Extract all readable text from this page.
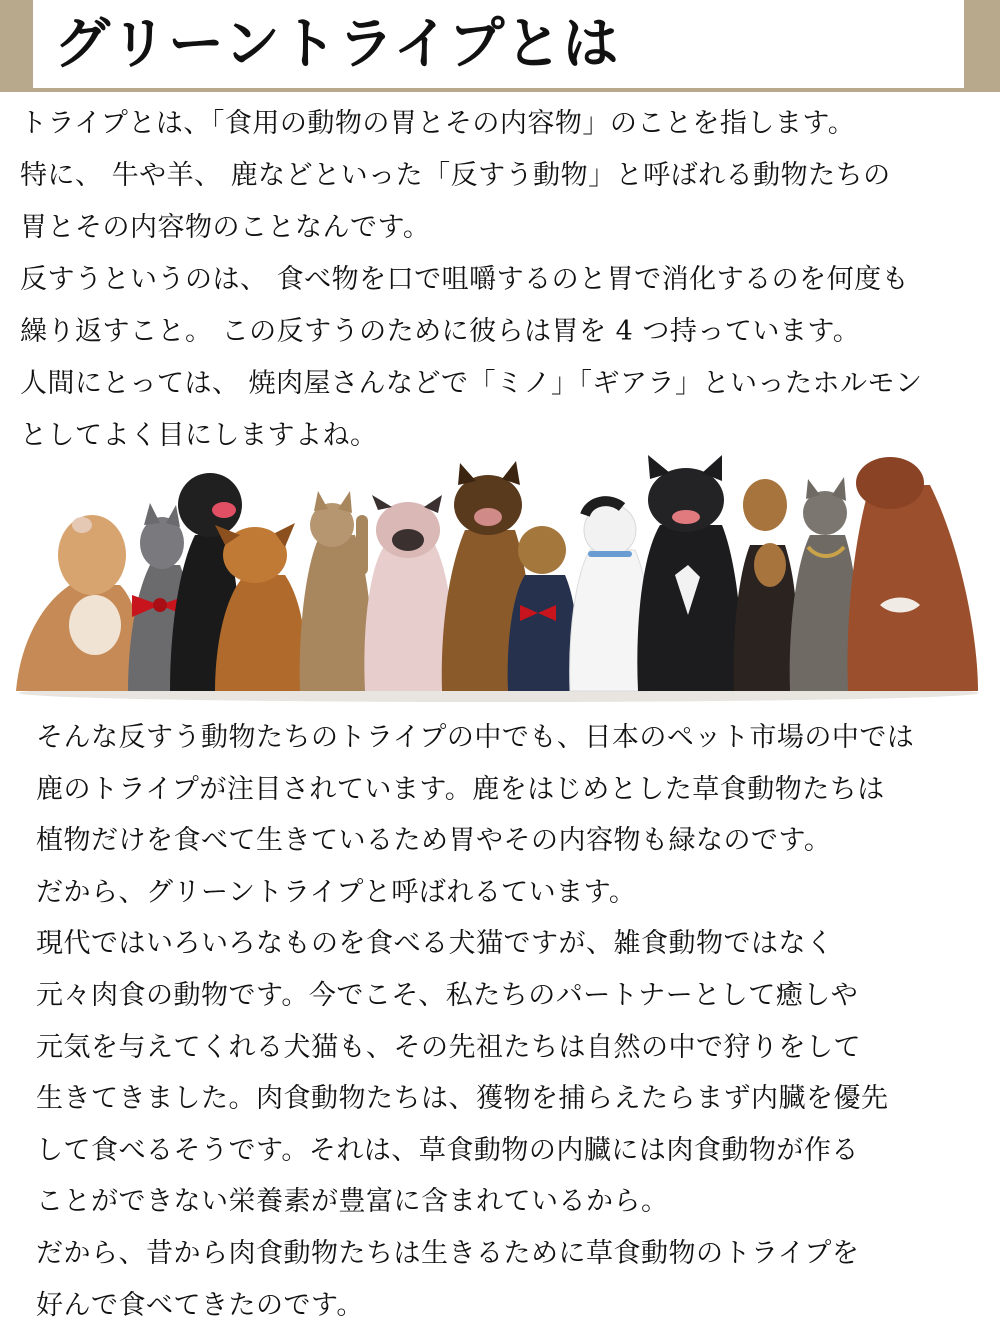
グリーントライプとは
トライプとは、「食用の動物の胃とその内容物」のことを指します。
特に、 牛や羊、 鹿などといった「反すう動物」と呼ばれる動物たちの
胃とその内容物のことなんです。
反すうというのは、 食べ物を口で咀嚼するのと胃で消化するのを何度も
繰り返すこと。 この反すうのために彼らは胃を 4 つ持っています。
人間にとっては、 焼肉屋さんなどで「ミノ」「ギアラ」といったホルモン
としてよく目にしますよね。
そんな反すう動物たちのトライプの中でも、日本のペット市場の中では
鹿のトライプが注目されています。鹿をはじめとした草食動物たちは
植物だけを食べて生きているため胃やその内容物も緑なのです。
だから、グリーントライプと呼ばれるています。
現代ではいろいろなものを食べる犬猫ですが、雑食動物ではなく
元々肉食の動物です。今でこそ、私たちのパートナーとして癒しや
元気を与えてくれる犬猫も、その先祖たちは自然の中で狩りをして
生きてきました。肉食動物たちは、獲物を捕らえたらまず内臓を優先
して食べるそうです。それは、草食動物の内臓には肉食動物が作る
ことができない栄養素が豊富に含まれているから。
だから、昔から肉食動物たちは生きるために草食動物のトライプを
好んで食べてきたのです。
